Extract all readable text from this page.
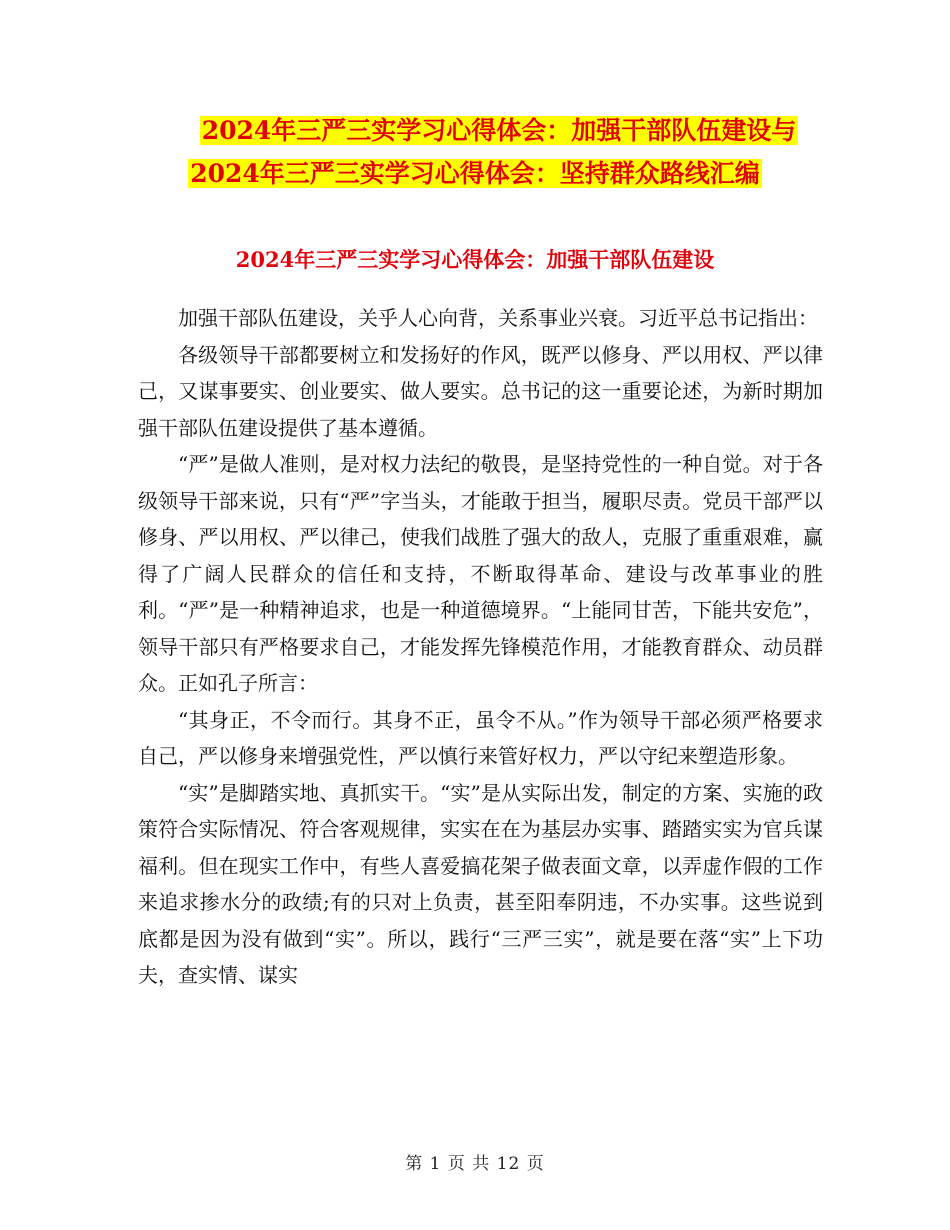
2024年三严三实学习心得体会：加强干部队伍建设与
2024年三严三实学习心得体会：坚持群众路线汇编
2024年三严三实学习心得体会：加强干部队伍建设

加强干部队伍建设，关乎人心向背，关系事业兴衰。习近平总书记指出：

各级领导干部都要树立和发扬好的作风，既严以修身、严以用权、严以律己，又谋事要实、创业要实、做人要实。总书记的这一重要论述，为新时期加强干部队伍建设提供了基本遵循。

“严”是做人准则，是对权力法纪的敬畏，是坚持党性的一种自觉。对于各级领导干部来说，只有“严”字当头，才能敢于担当，履职尽责。党员干部严以修身、严以用权、严以律己，使我们战胜了强大的敌人，克服了重重艰难，赢得了广阔人民群众的信任和支持，不断取得革命、建设与改革事业的胜利。“严”是一种精神追求，也是一种道德境界。“上能同甘苦，下能共安危”，领导干部只有严格要求自己，才能发挥先锋模范作用，才能教育群众、动员群众。正如孔子所言：

“其身正，不令而行。其身不正，虽令不从。”作为领导干部必须严格要求自己，严以修身来增强党性，严以慎行来管好权力，严以守纪来塑造形象。

“实”是脚踏实地、真抓实干。“实”是从实际出发，制定的方案、实施的政策符合实际情况、符合客观规律，实实在在为基层办实事、踏踏实实为官兵谋福利。但在现实工作中，有些人喜爱搞花架子做表面文章，以弄虚作假的工作来追求掺水分的政绩;有的只对上负责，甚至阳奉阴违，不办实事。这些说到底都是因为没有做到“实”。所以，践行“三严三实”，就是要在落“实”上下功夫，查实情、谋实

第 1 页 共 12 页
